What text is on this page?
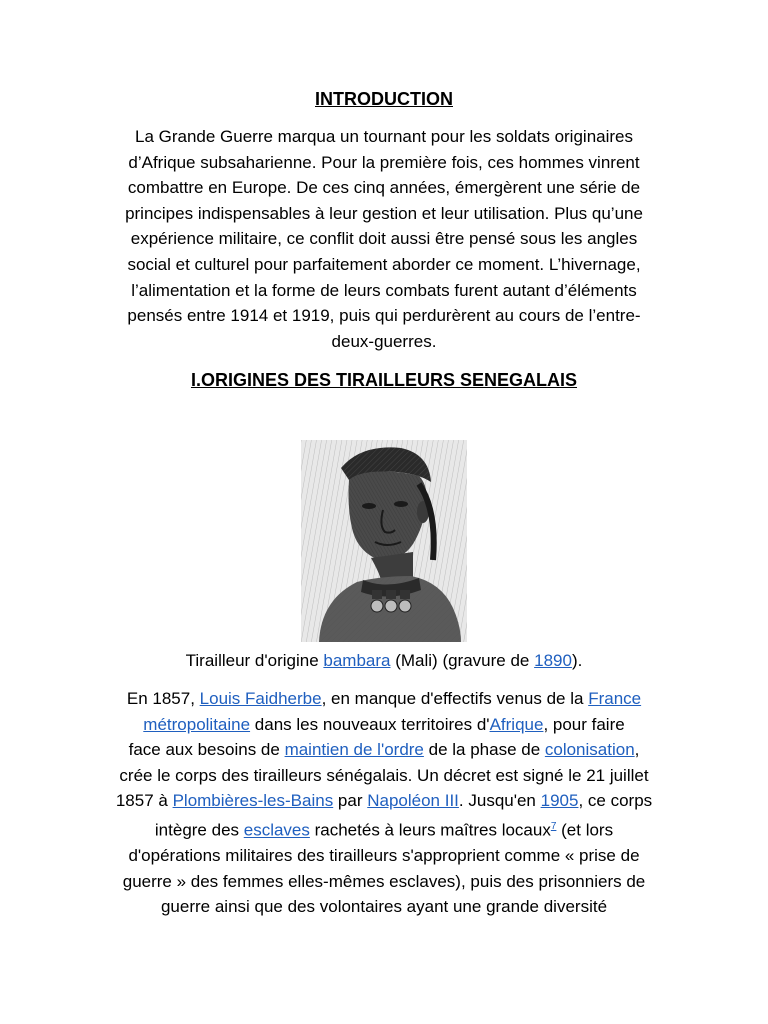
INTRODUCTION
La Grande Guerre marqua un tournant pour les soldats originaires
d’Afrique subsaharienne. Pour la première fois, ces hommes vinrent
combattre en Europe. De ces cinq années, émergèrent une série de
principes indispensables à leur gestion et leur utilisation. Plus qu’une
expérience militaire, ce conflit doit aussi être pensé sous les angles
social et culturel pour parfaitement aborder ce moment. L’hivernage,
l’alimentation et la forme de leurs combats furent autant d’éléments
pensés entre 1914 et 1919, puis qui perdurèrent au cours de l’entre-
deux-guerres.
I.ORIGINES DES TIRAILLEURS SENEGALAIS
Tirailleur d'origine bambara (Mali) (gravure de 1890).
En 1857, Louis Faidherbe, en manque d'effectifs venus de la France
métropolitaine dans les nouveaux territoires d'Afrique, pour faire
face aux besoins de maintien de l'ordre de la phase de colonisation,
crée le corps des tirailleurs sénégalais. Un décret est signé le 21 juillet
1857 à Plombières-les-Bains par Napoléon III. Jusqu'en 1905, ce corps
intègre des esclaves rachetés à leurs maîtres locaux$^7$ (et lors
d'opérations militaires des tirailleurs s'approprient comme « prise de
guerre » des femmes elles-mêmes esclaves), puis des prisonniers de
guerre ainsi que des volontaires ayant une grande diversité
